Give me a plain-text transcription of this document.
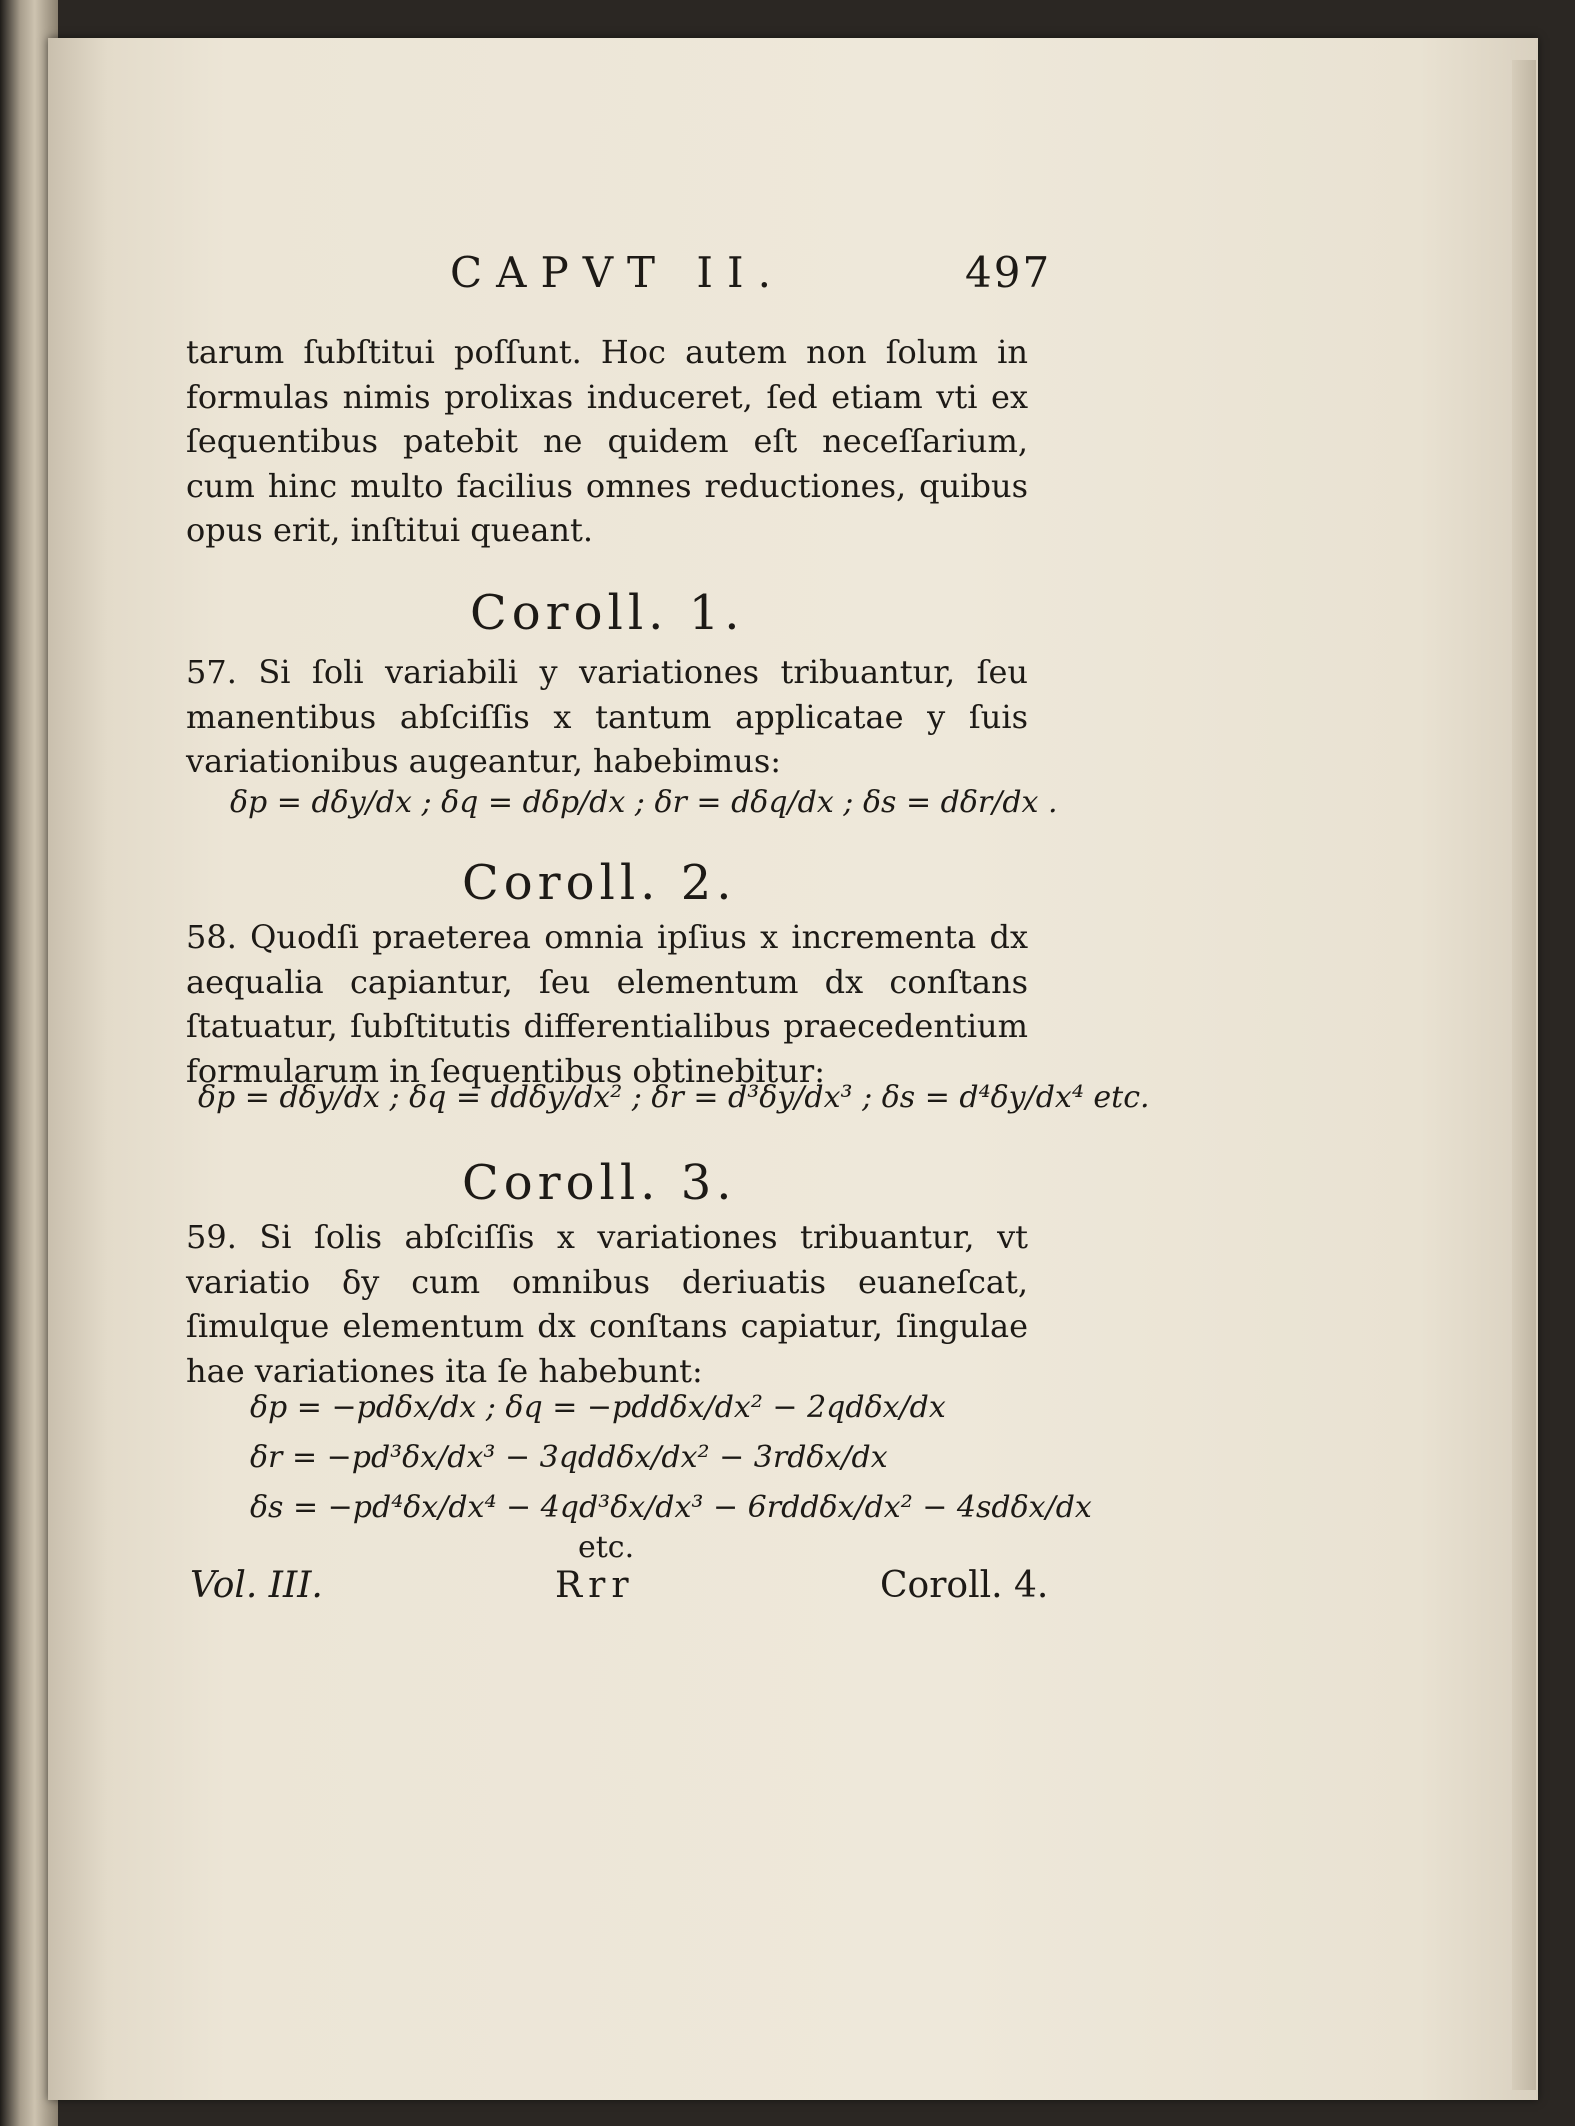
CAPVT II.	497
tarum ſubſtitui poſſunt. Hoc autem non ſolum in formulas nimis prolixas induceret, ſed etiam vti ex ſequentibus patebit ne quidem eſt neceſſarium, cum hinc multo facilius omnes reductiones, quibus opus erit, inſtitui queant.
Coroll. 1.
57. Si ſoli variabili y variationes tribuantur, ſeu manentibus abſciſſis x tantum applicatae y ſuis variationibus augeantur, habebimus:
δp = dδy/dx ; δq = dδp/dx ; δr = dδq/dx ; δs = dδr/dx .
Coroll. 2.
58. Quodſi praeterea omnia ipſius x incrementa dx aequalia capiantur, ſeu elementum dx conſtans ſtatuatur, ſubſtitutis differentialibus praecedentium formularum in ſequentibus obtinebitur:
δp = dδy/dx ; δq = ddδy/dx² ; δr = d³δy/dx³ ; δs = d⁴δy/dx⁴ etc.
Coroll. 3.
59. Si ſolis abſciſſis x variationes tribuantur, vt variatio δy cum omnibus deriuatis euaneſcat, ſimulque elementum dx conſtans capiatur, ſingulae hae variationes ita ſe habebunt:
δp = −pdδx/dx ; δq = −pddδx/dx² − 2qdδx/dx
δr = −pd³δx/dx³ − 3qddδx/dx² − 3rdδx/dx
δs = −pd⁴δx/dx⁴ − 4qd³δx/dx³ − 6rddδx/dx² − 4sdδx/dx
etc.
Vol. III.	Rrr	Coroll. 4.
